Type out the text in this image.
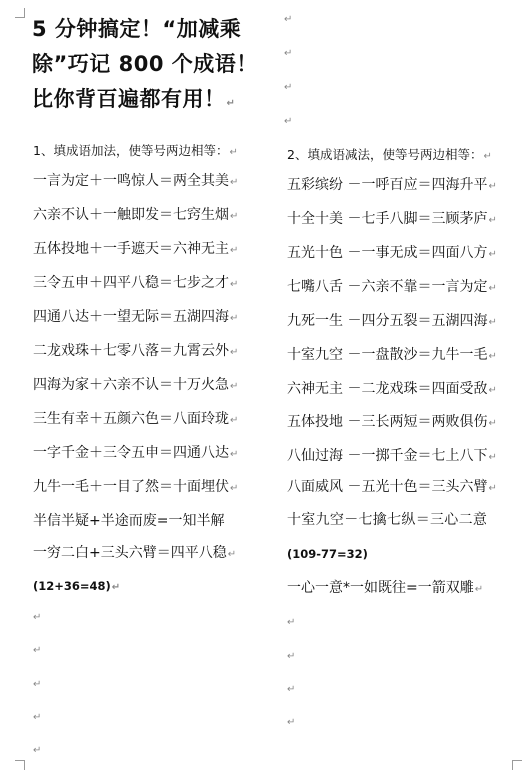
5 分钟搞定！“加减乘
除”巧记 800 个成语！
比你背百遍都有用！↵
↵
↵
↵
↵
1、填成语加法，使等号两边相等：↵
一言为定＋一鸣惊人＝两全其美↵
六亲不认＋一触即发＝七窍生烟↵
五体投地＋一手遮天＝六神无主↵
三令五申＋四平八稳＝七步之才↵
四通八达＋一望无际＝五湖四海↵
二龙戏珠＋七零八落＝九霄云外↵
四海为家＋六亲不认＝十万火急↵
三生有幸＋五颜六色＝八面玲珑↵
一字千金＋三令五申＝四通八达↵
九牛一毛＋一目了然＝十面埋伏↵
半信半疑+半途而废=一知半解
一穷二白+三头六臂＝四平八稳↵
(12+36=48)↵
↵
↵
↵
↵
↵
2、填成语减法，使等号两边相等：↵
五彩缤纷 －一呼百应＝四海升平↵
十全十美 －七手八脚＝三顾茅庐↵
五光十色 －一事无成＝四面八方↵
七嘴八舌 －六亲不靠＝一言为定↵
九死一生 －四分五裂＝五湖四海↵
十室九空 －一盘散沙＝九牛一毛↵
六神无主 －二龙戏珠＝四面受敌↵
五体投地 －三长两短＝两败俱伤↵
八仙过海 －一掷千金＝七上八下↵
八面威风 －五光十色＝三头六臂↵
十室九空－七擒七纵＝三心二意
(109-77=32)
一心一意*一如既往=一箭双雕↵
↵
↵
↵
↵
